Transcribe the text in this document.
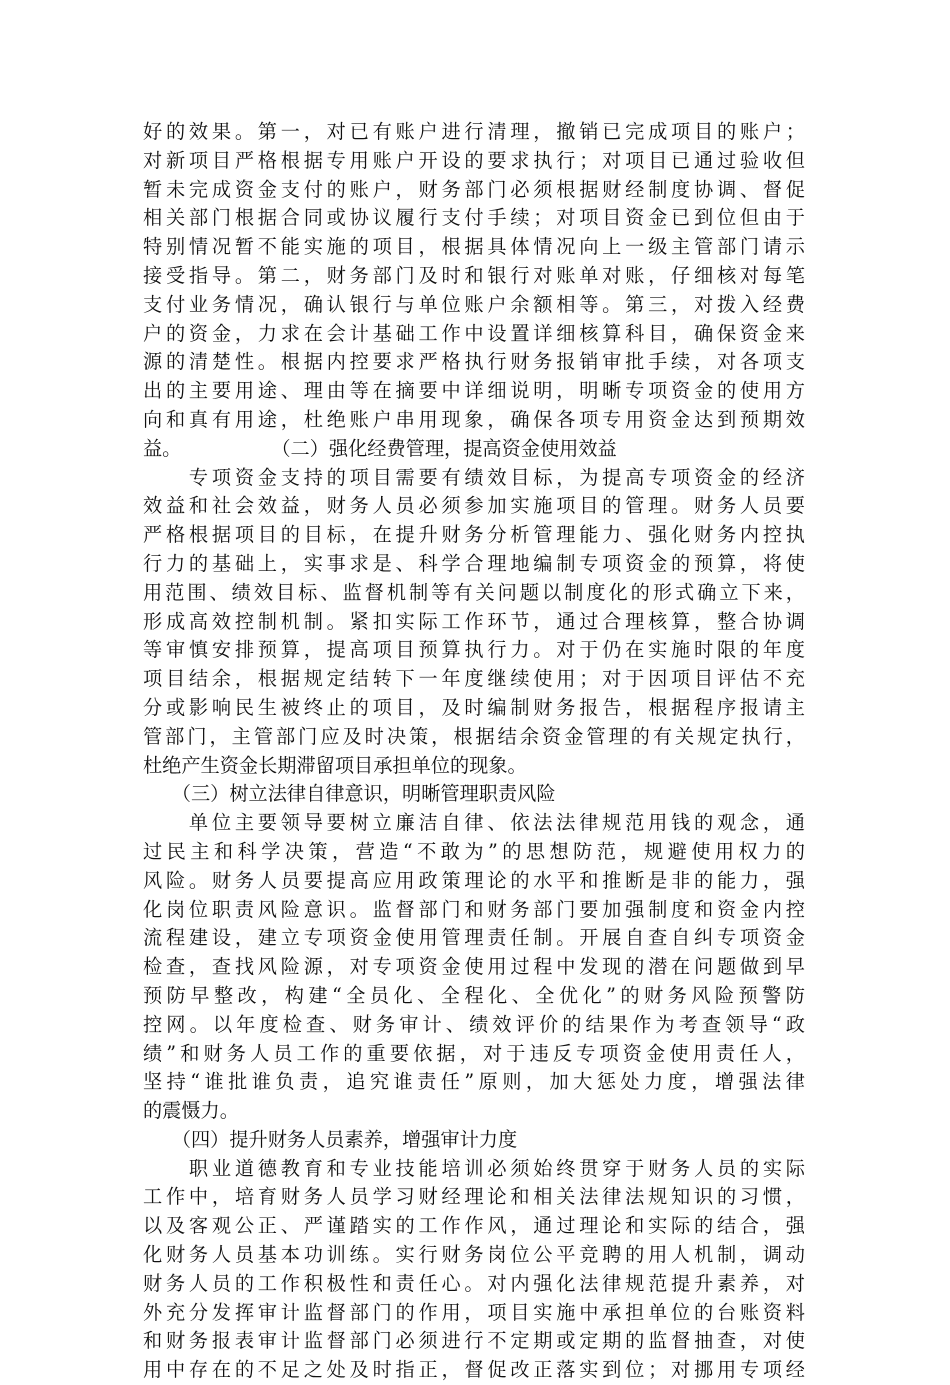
好的效果。第一，对已有账户进行清理，撤销已完成项目的账户；
对新项目严格根据专用账户开设的要求执行；对项目已通过验收但
暂未完成资金支付的账户，财务部门必须根据财经制度协调、督促
相关部门根据合同或协议履行支付手续；对项目资金已到位但由于
特别情况暂不能实施的项目，根据具体情况向上一级主管部门请示
接受指导。第二，财务部门及时和银行对账单对账，仔细核对每笔
支付业务情况，确认银行与单位账户余额相等。第三，对拨入经费
户的资金，力求在会计基础工作中设置详细核算科目，确保资金来
源的清楚性。根据内控要求严格执行财务报销审批手续，对各项支
出的主要用途、理由等在摘要中详细说明，明晰专项资金的使用方
向和真有用途，杜绝账户串用现象，确保各项专用资金达到预期效
益。	（二）强化经费管理，提高资金使用效益
　　专项资金支持的项目需要有绩效目标，为提高专项资金的经济
效益和社会效益，财务人员必须参加实施项目的管理。财务人员要
严格根据项目的目标，在提升财务分析管理能力、强化财务内控执
行力的基础上，实事求是、科学合理地编制专项资金的预算，将使
用范围、绩效目标、监督机制等有关问题以制度化的形式确立下来，
形成高效控制机制。紧扣实际工作环节，通过合理核算，整合协调
等审慎安排预算，提高项目预算执行力。对于仍在实施时限的年度
项目结余，根据规定结转下一年度继续使用；对于因项目评估不充
分或影响民生被终止的项目，及时编制财务报告，根据程序报请主
管部门，主管部门应及时决策，根据结余资金管理的有关规定执行，
杜绝产生资金长期滞留项目承担单位的现象。
　　（三）树立法律自律意识，明晰管理职责风险
　　单位主要领导要树立廉洁自律、依法法律规范用钱的观念，通
过民主和科学决策，营造“不敢为”的思想防范，规避使用权力的
风险。财务人员要提高应用政策理论的水平和推断是非的能力，强
化岗位职责风险意识。监督部门和财务部门要加强制度和资金内控
流程建设，建立专项资金使用管理责任制。开展自查自纠专项资金
检查，查找风险源，对专项资金使用过程中发现的潜在问题做到早
预防早整改，构建“全员化、全程化、全优化”的财务风险预警防
控网。以年度检查、财务审计、绩效评价的结果作为考查领导“政
绩”和财务人员工作的重要依据，对于违反专项资金使用责任人，
坚持“谁批谁负责，追究谁责任”原则，加大惩处力度，增强法律
的震慑力。
　　（四）提升财务人员素养，增强审计力度
　　职业道德教育和专业技能培训必须始终贯穿于财务人员的实际
工作中，培育财务人员学习财经理论和相关法律法规知识的习惯，
以及客观公正、严谨踏实的工作作风，通过理论和实际的结合，强
化财务人员基本功训练。实行财务岗位公平竞聘的用人机制，调动
财务人员的工作积极性和责任心。对内强化法律规范提升素养，对
外充分发挥审计监督部门的作用，项目实施中承担单位的台账资料
和财务报表审计监督部门必须进行不定期或定期的监督抽查，对使
用中存在的不足之处及时指正，督促改正落实到位；对挪用专项经
